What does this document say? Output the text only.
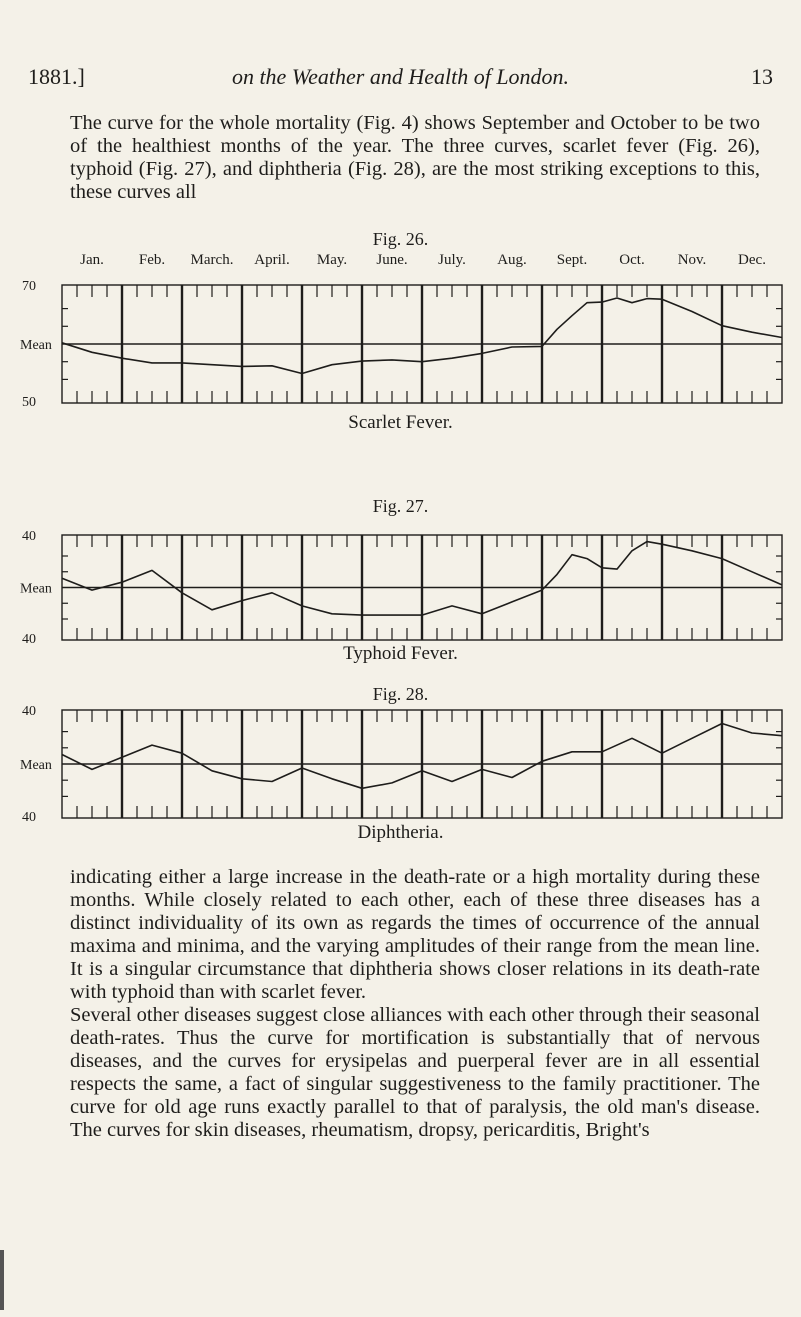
1881.]	on the Weather and Health of London.	13

The curve for the whole mortality (Fig. 4) shows September and October to be two of the healthiest months of the year. The three curves, scarlet fever (Fig. 26), typhoid (Fig. 27), and diphtheria (Fig. 28), are the most striking exceptions to this, these curves all

Fig. 26.
Jan. Feb. March. April. May. June. July. Aug. Sept. Oct. Nov. Dec.
70
Mean
50
Scarlet Fever.
Fig. 27.
40
Mean
40
Typhoid Fever.
Fig. 28.
40
Mean
40
Diphtheria.

indicating either a large increase in the death-rate or a high mortality during these months. While closely related to each other, each of these three diseases has a distinct individuality of its own as regards the times of occurrence of the annual maxima and minima, and the varying amplitudes of their range from the mean line. It is a singular circumstance that diphtheria shows closer relations in its death-rate with typhoid than with scarlet fever.

Several other diseases suggest close alliances with each other through their seasonal death-rates. Thus the curve for mortification is substantially that of nervous diseases, and the curves for erysipelas and puerperal fever are in all essential respects the same, a fact of singular suggestiveness to the family practitioner. The curve for old age runs exactly parallel to that of paralysis, the old man's disease. The curves for skin diseases, rheumatism, dropsy, pericarditis, Bright's
